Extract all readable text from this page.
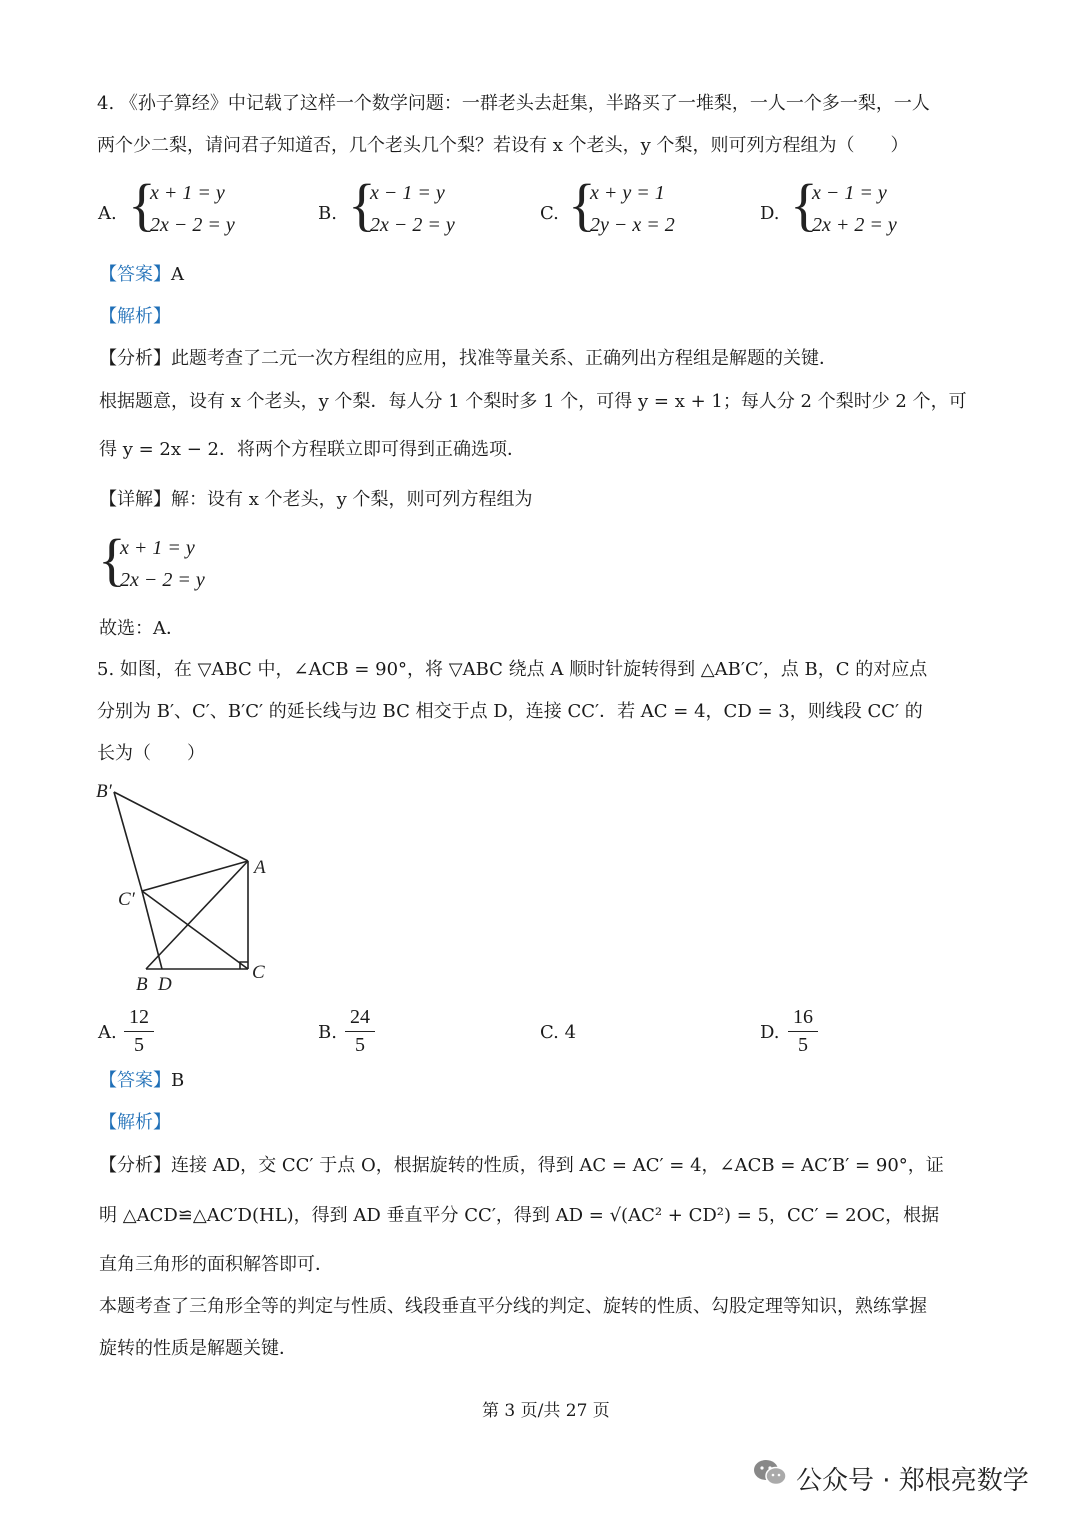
4. 《孙子算经》中记载了这样一个数学问题：一群老头去赶集，半路买了一堆梨，一人一个多一梨，一人
两个少二梨，请问君子知道否，几个老头几个梨？若设有 x 个老头，y 个梨，则可列方程组为（　　）
A. {
x + 1 = y
2x − 2 = y
B. {
x − 1 = y
2x − 2 = y
C. {
x + y = 1
2y − x = 2
D. {
x − 1 = y
2x + 2 = y
【答案】A
【解析】
【分析】此题考查了二元一次方程组的应用，找准等量关系、正确列出方程组是解题的关键．
根据题意，设有 x 个老头，y 个梨．每人分 1 个梨时多 1 个，可得 y = x + 1；每人分 2 个梨时少 2 个，可
得 y = 2x − 2．将两个方程联立即可得到正确选项．
【详解】解：设有 x 个老头，y 个梨，则可列方程组为
{
x + 1 = y
2x − 2 = y
故选：A．
5. 如图，在 ▽ABC 中，∠ACB = 90°，将 ▽ABC 绕点 A 顺时针旋转得到 △AB′C′，点 B，C 的对应点
分别为 B′、C′、B′C′ 的延长线与边 BC 相交于点 D，连接 CC′．若 AC = 4，CD = 3，则线段 CC′ 的
长为（　　）
B′
A
C′
B D
C
A. $\frac{12}{5}$	B. $\frac{24}{5}$	C. 4	D. $\frac{16}{5}$
【答案】B
【解析】
【分析】连接 AD，交 CC′ 于点 O，根据旋转的性质，得到 AC = AC′ = 4，∠ACB = AC′B′ = 90°，证
明 △ACD≌△AC′D(HL)，得到 AD 垂直平分 CC′，得到 AD = √(AC² + CD²) = 5，CC′ = 2OC，根据
直角三角形的面积解答即可．
本题考查了三角形全等的判定与性质、线段垂直平分线的判定、旋转的性质、勾股定理等知识，熟练掌握
旋转的性质是解题关键．
第 3 页/共 27 页
公众号 · 郑根亮数学
